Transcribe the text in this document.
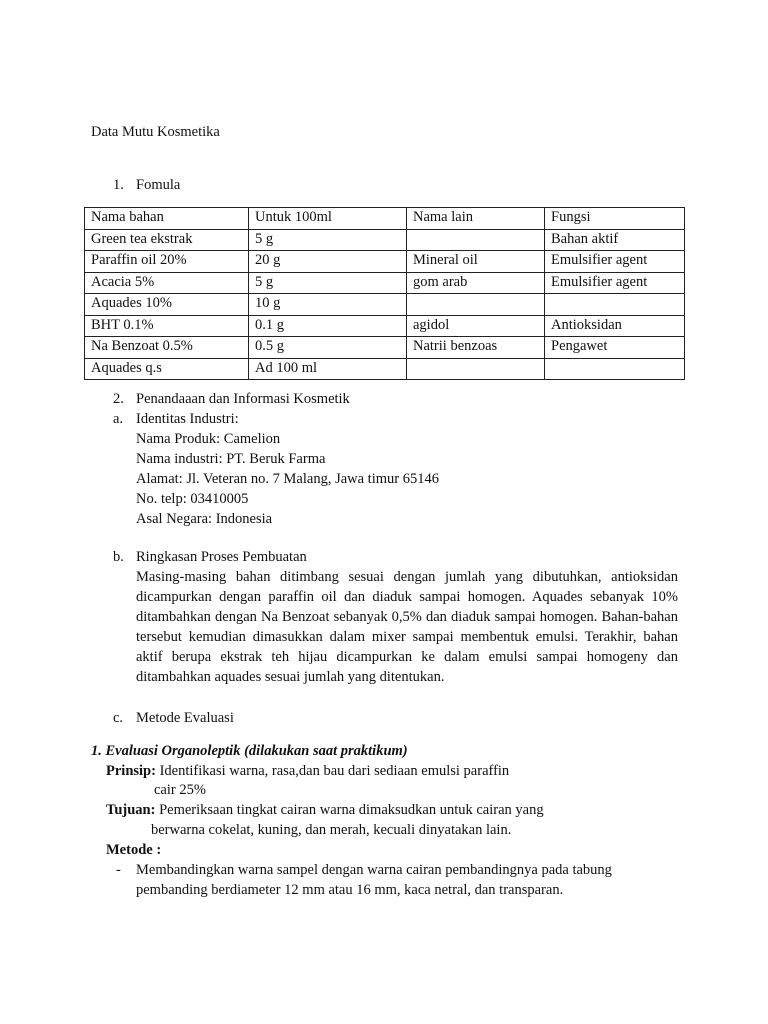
Data Mutu Kosmetika
1. Fomula
Nama bahan	Untuk 100ml	Nama lain	Fungsi
Green tea ekstrak	5 g		Bahan aktif
Paraffin oil 20%	20 g	Mineral oil	Emulsifier agent
Acacia 5%	5 g	gom arab	Emulsifier agent
Aquades 10%	10 g		
BHT 0.1%	0.1 g	agidol	Antioksidan
Na Benzoat 0.5%	0.5 g	Natrii benzoas	Pengawet
Aquades q.s	Ad 100 ml		
2. Penandaaan dan Informasi Kosmetik
a. Identitas Industri:
Nama Produk: Camelion
Nama industri: PT. Beruk Farma
Alamat: Jl. Veteran no. 7 Malang, Jawa timur 65146
No. telp: 03410005
Asal Negara: Indonesia
b. Ringkasan Proses Pembuatan
Masing-masing bahan ditimbang sesuai dengan jumlah yang dibutuhkan, antioksidan dicampurkan dengan paraffin oil dan diaduk sampai homogen. Aquades sebanyak 10% ditambahkan dengan Na Benzoat sebanyak 0,5% dan diaduk sampai homogen. Bahan-bahan tersebut kemudian dimasukkan dalam mixer sampai membentuk emulsi. Terakhir, bahan aktif berupa ekstrak teh hijau dicampurkan ke dalam emulsi sampai homogeny dan ditambahkan aquades sesuai jumlah yang ditentukan.
c. Metode Evaluasi
1. Evaluasi Organoleptik (dilakukan saat praktikum)
Prinsip: Identifikasi warna, rasa,dan bau dari sediaan emulsi paraffin
cair 25%
Tujuan: Pemeriksaan tingkat cairan warna dimaksudkan untuk cairan yang
berwarna cokelat, kuning, dan merah, kecuali dinyatakan lain.
Metode :
- Membandingkan warna sampel dengan warna cairan pembandingnya pada tabung
pembanding berdiameter 12 mm atau 16 mm, kaca netral, dan transparan.
